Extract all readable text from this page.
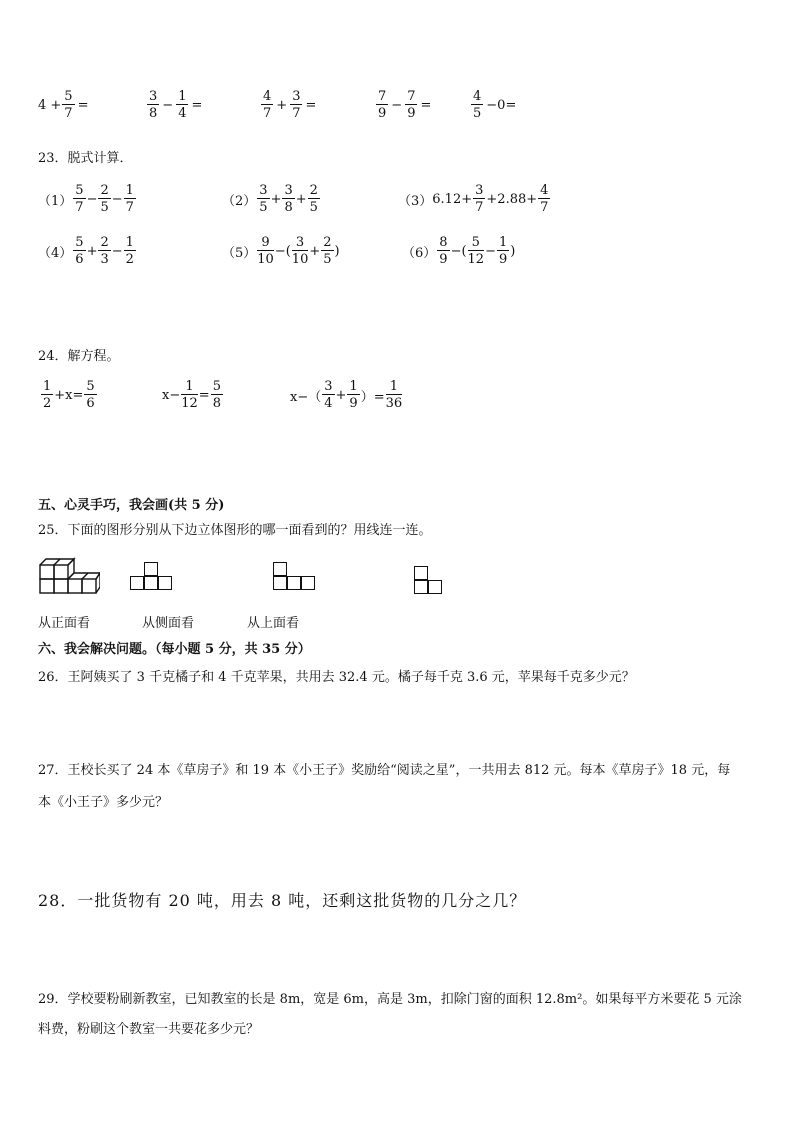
$4 + \frac{5}{7}$ =	$\frac{3}{8} - \frac{1}{4}$ =	$\frac{4}{7} + \frac{3}{7}$ =	$\frac{7}{9} - \frac{7}{9}$ =	$\frac{4}{5} -0=$
23．脱式计算．
$(1) \frac{5}{7} - \frac{2}{5} - \frac{1}{7}$	$(2) \frac{3}{5} + \frac{3}{8} + \frac{2}{5}$	（3） $6.12+ \frac{3}{7} +2.88+ \frac{4}{7}$
$(4) \frac{5}{6} + \frac{2}{3} - \frac{1}{2}$	$(5) \frac{9}{10}$ −( $\frac{3}{10} + \frac{2}{5}$ )	$(6) \frac{8}{9}$ −( $\frac{5}{12} - \frac{1}{9}$ )
24．解方程。
$\frac{1}{2} +x= \frac{5}{6}$	$x- \frac{1}{12} = \frac{5}{8}$	$x-( \frac{3}{4} + \frac{1}{9}$ ）= $\frac{1}{36}$
五、心灵手巧，我会画(共 5 分)
25．下面的图形分别从下边立体图形的哪一面看到的？用线连一连。
从正面看	从侧面看	从上面看
六、我会解决问题。（每小题 5 分，共 35 分）
26．王阿姨买了 3 千克橘子和 4 千克苹果，共用去 32.4 元。橘子每千克 3.6 元，苹果每千克多少元？
27．王校长买了 24 本《草房子》和 19 本《小王子》奖励给“阅读之星”，一共用去 812 元。每本《草房子》18 元，每
本《小王子》多少元？
28．一批货物有 20 吨，用去 8 吨，还剩这批货物的几分之几？
29．学校要粉刷新教室，已知教室的长是 8m，宽是 6m，高是 3m，扣除门窗的面积 12.8m²。如果每平方米要花 5 元涂
料费，粉刷这个教室一共要花多少元？
